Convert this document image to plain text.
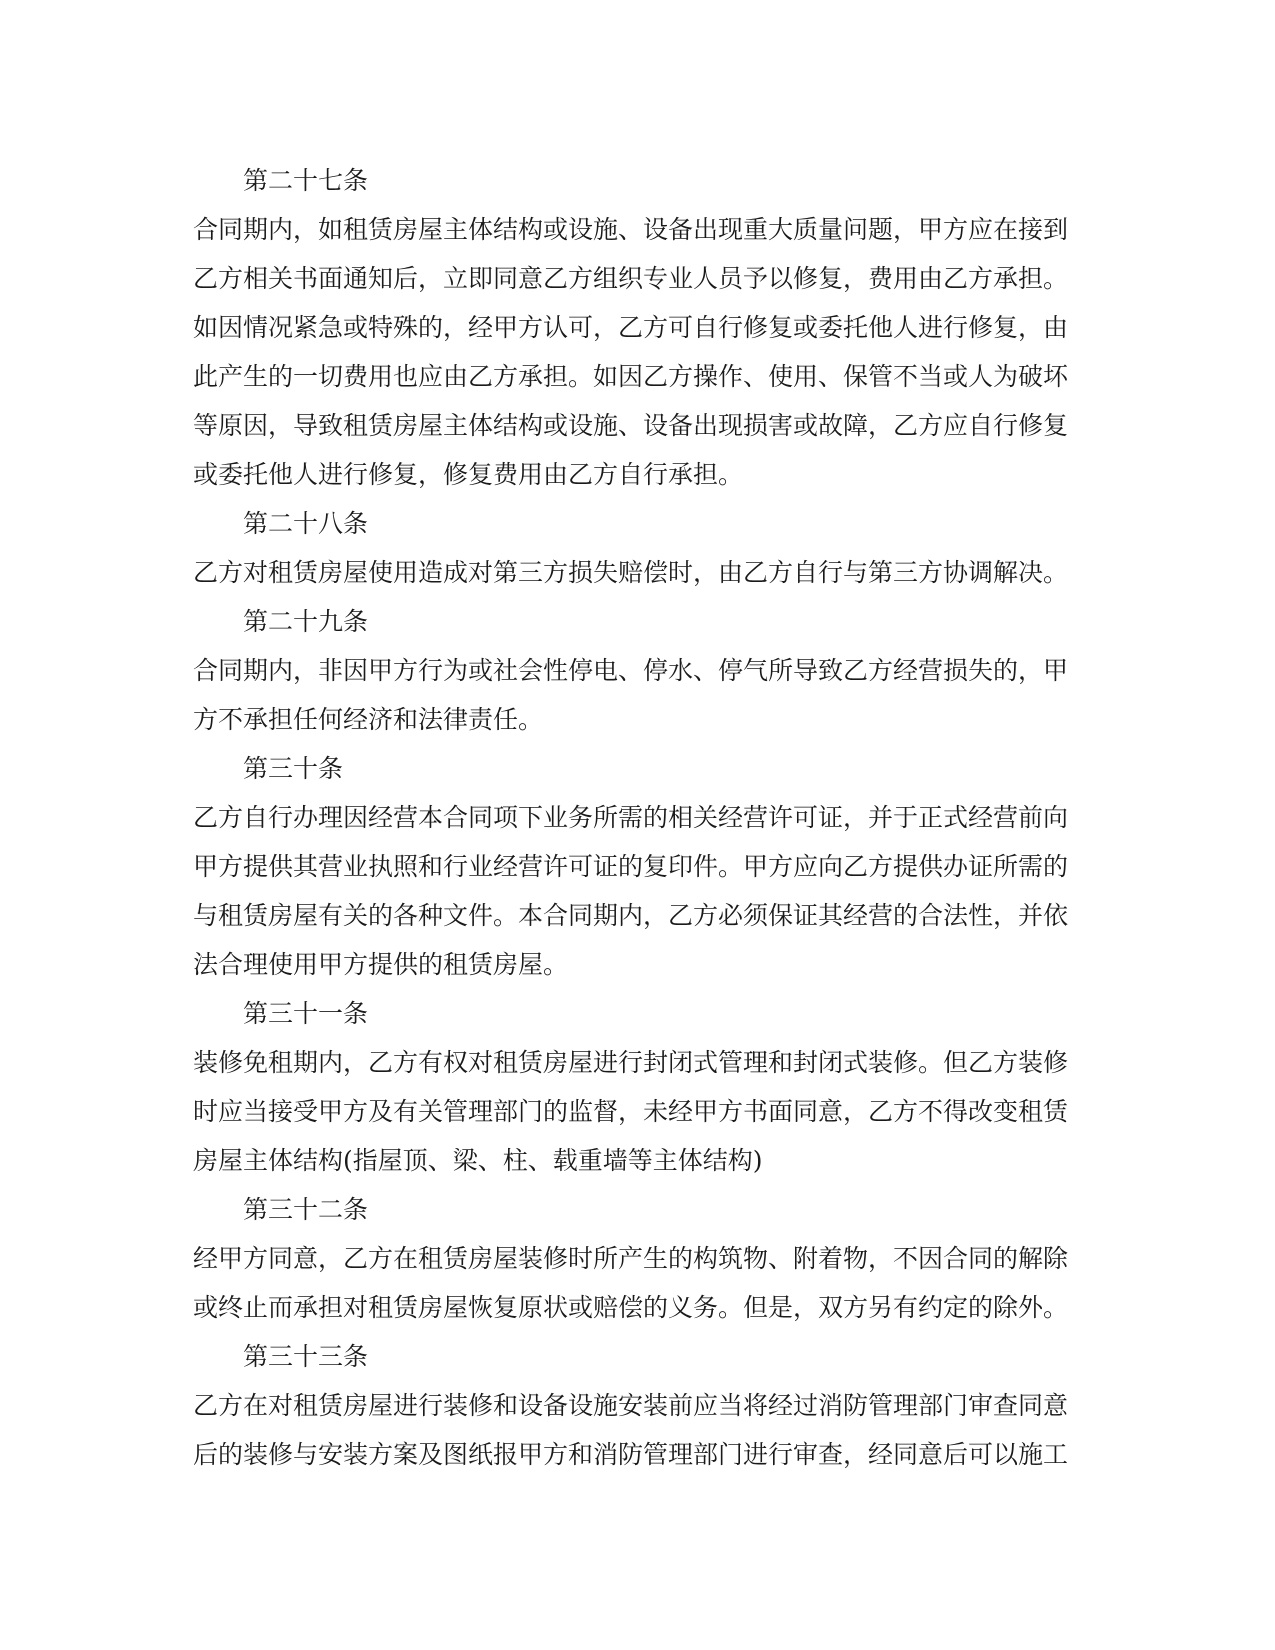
第二十七条
合同期内，如租赁房屋主体结构或设施、设备出现重大质量问题，甲方应在接到
乙方相关书面通知后，立即同意乙方组织专业人员予以修复，费用由乙方承担。
如因情况紧急或特殊的，经甲方认可，乙方可自行修复或委托他人进行修复，由
此产生的一切费用也应由乙方承担。如因乙方操作、使用、保管不当或人为破坏
等原因，导致租赁房屋主体结构或设施、设备出现损害或故障，乙方应自行修复
或委托他人进行修复，修复费用由乙方自行承担。
第二十八条
乙方对租赁房屋使用造成对第三方损失赔偿时，由乙方自行与第三方协调解决。
第二十九条
合同期内，非因甲方行为或社会性停电、停水、停气所导致乙方经营损失的，甲
方不承担任何经济和法律责任。
第三十条
乙方自行办理因经营本合同项下业务所需的相关经营许可证，并于正式经营前向
甲方提供其营业执照和行业经营许可证的复印件。甲方应向乙方提供办证所需的
与租赁房屋有关的各种文件。本合同期内，乙方必须保证其经营的合法性，并依
法合理使用甲方提供的租赁房屋。
第三十一条
装修免租期内，乙方有权对租赁房屋进行封闭式管理和封闭式装修。但乙方装修
时应当接受甲方及有关管理部门的监督，未经甲方书面同意，乙方不得改变租赁
房屋主体结构(指屋顶、梁、柱、载重墙等主体结构)
第三十二条
经甲方同意，乙方在租赁房屋装修时所产生的构筑物、附着物，不因合同的解除
或终止而承担对租赁房屋恢复原状或赔偿的义务。但是，双方另有约定的除外。
第三十三条
乙方在对租赁房屋进行装修和设备设施安装前应当将经过消防管理部门审查同意
后的装修与安装方案及图纸报甲方和消防管理部门进行审查，经同意后可以施工
